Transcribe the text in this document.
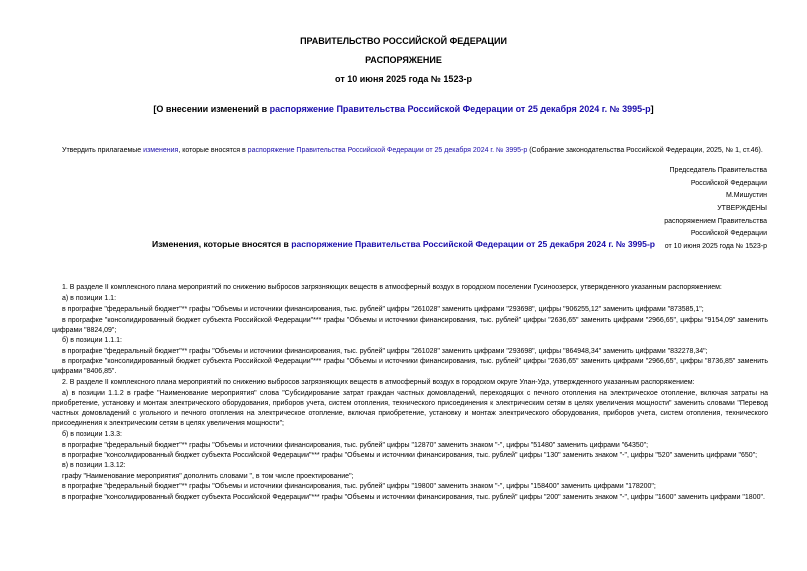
ПРАВИТЕЛЬСТВО РОССИЙСКОЙ ФЕДЕРАЦИИ
РАСПОРЯЖЕНИЕ
от 10 июня 2025 года № 1523-р
[О внесении изменений в распоряжение Правительства Российской Федерации от 25 декабря 2024 г. № 3995-р]
Утвердить прилагаемые изменения, которые вносятся в распоряжение Правительства Российской Федерации от 25 декабря 2024 г. № 3995-р (Собрание законодательства Российской Федерации, 2025, № 1, ст.46).
Председатель Правительства
Российской Федерации
М.Мишустин
УТВЕРЖДЕНЫ
распоряжением Правительства
Российской Федерации
от 10 июня 2025 года № 1523-р
Изменения, которые вносятся в распоряжение Правительства Российской Федерации от 25 декабря 2024 г. № 3995-р
1. В разделе II комплексного плана мероприятий по снижению выбросов загрязняющих веществ в атмосферный воздух в городском поселении Гусиноозерск, утвержденного указанным распоряжением:
а) в позиции 1.1:
в прографке "федеральный бюджет"** графы "Объемы и источники финансирования, тыс. рублей" цифры "261028" заменить цифрами "293698", цифры "906255,12" заменить цифрами "873585,1";
в прографке "консолидированный бюджет субъекта Российской Федерации"*** графы "Объемы и источники финансирования, тыс. рублей" цифры "2636,65" заменить цифрами "2966,65", цифры "9154,09" заменить цифрами "8824,09";
б) в позиции 1.1.1:
в прографке "федеральный бюджет"** графы "Объемы и источники финансирования, тыс. рублей" цифры "261028" заменить цифрами "293698", цифры "864948,34" заменить цифрами "832278,34";
в прографке "консолидированный бюджет субъекта Российской Федерации"*** графы "Объемы и источники финансирования, тыс. рублей" цифры "2636,65" заменить цифрами "2966,65", цифры "8736,85" заменить цифрами "8406,85".
2. В разделе II комплексного плана мероприятий по снижению выбросов загрязняющих веществ в атмосферный воздух в городском округе Улан-Удэ, утвержденного указанным распоряжением:
а) в позиции 1.1.2 в графе "Наименование мероприятия" слова "Субсидирование затрат граждан частных домовладений, переходящих с печного отопления на электрическое отопление, включая затраты на приобретение, установку и монтаж электрического оборудования, приборов учета, систем отопления, технического присоединения к электрическим сетям в целях увеличения мощности" заменить словами "Перевод частных домовладений с угольного и печного отопления на электрическое отопление, включая приобретение, установку и монтаж электрического оборудования, приборов учета, систем отопления, технического присоединения к электрическим сетям в целях увеличения мощности";
б) в позиции 1.3.3:
в прографке "федеральный бюджет"** графы "Объемы и источники финансирования, тыс. рублей" цифры "12870" заменить знаком "-", цифры "51480" заменить цифрами "64350";
в прографке "консолидированный бюджет субъекта Российской Федерации"*** графы "Объемы и источники финансирования, тыс. рублей" цифры "130" заменить знаком "-", цифры "520" заменить цифрами "650";
в) в позиции 1.3.12:
графу "Наименование мероприятия" дополнить словами ", в том числе проектирование";
в прографке "федеральный бюджет"** графы "Объемы и источники финансирования, тыс. рублей" цифры "19800" заменить знаком "-", цифры "158400" заменить цифрами "178200";
в прографке "консолидированный бюджет субъекта Российской Федерации"*** графы "Объемы и источники финансирования, тыс. рублей" цифры "200" заменить знаком "-", цифры "1600" заменить цифрами "1800".
